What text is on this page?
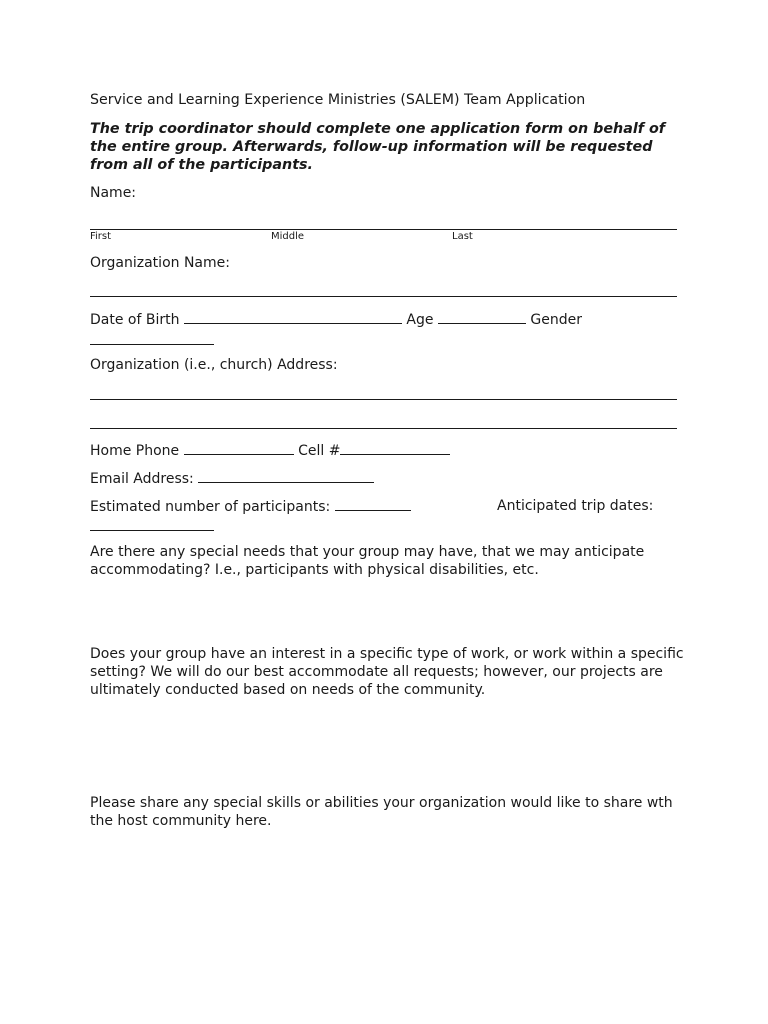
Service and Learning Experience Ministries (SALEM) Team Application
The trip coordinator should complete one application form on behalf of the entire group. Afterwards, follow-up information will be requested from all of the participants.
Name:
First	Middle	Last
Organization Name:
Date of Birth	Age	Gender
Organization (i.e., church) Address:
Home Phone	Cell #
Email Address:
Estimated number of participants:	Anticipated trip dates:
Are there any special needs that your group may have, that we may anticipate accommodating? I.e., participants with physical disabilities, etc.
Does your group have an interest in a specific type of work, or work within a specific setting? We will do our best accommodate all requests; however, our projects are ultimately conducted based on needs of the community.
Please share any special skills or abilities your organization would like to share wth the host community here.
